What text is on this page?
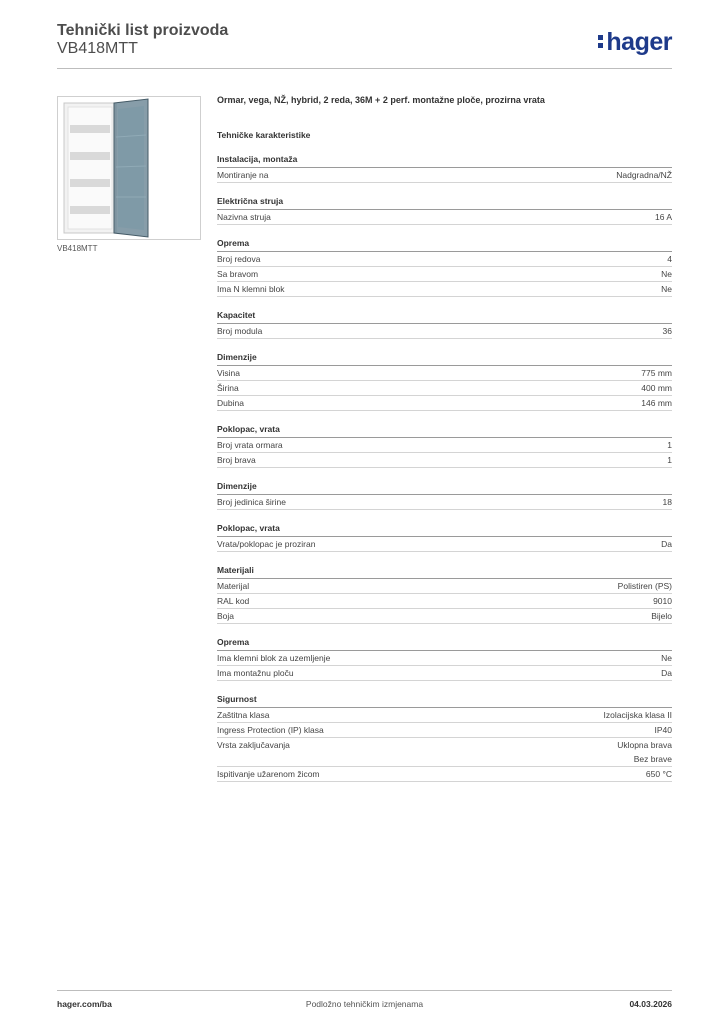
Tehnički list proizvoda
VB418MTT	hager
VB418MTT
Ormar, vega, NŽ, hybrid, 2 reda, 36M + 2 perf. montažne ploče, prozirna vrata
Tehničke karakteristike
Instalacija, montaža
Montiranje na	Nadgradna/NŽ
Električna struja
Nazivna struja	16 A
Oprema
Broj redova	4
Sa bravom	Ne
Ima N klemni blok	Ne
Kapacitet
Broj modula	36
Dimenzije
Visina	775 mm
Širina	400 mm
Dubina	146 mm
Poklopac, vrata
Broj vrata ormara	1
Broj brava	1
Dimenzije
Broj jedinica širine	18
Poklopac, vrata
Vrata/poklopac je proziran	Da
Materijali
Materijal	Polistiren (PS)
RAL kod	9010
Boja	Bijelo
Oprema
Ima klemni blok za uzemljenje	Ne
Ima montažnu ploču	Da
Sigurnost
Zaštitna klasa	Izolacijska klasa II
Ingress Protection (IP) klasa	IP40
Vrsta zaključavanja	Uklopna brava
Bez brave
Ispitivanje užarenom žicom	650 °C
hager.com/ba	Podložno tehničkim izmjenama	04.03.2026
